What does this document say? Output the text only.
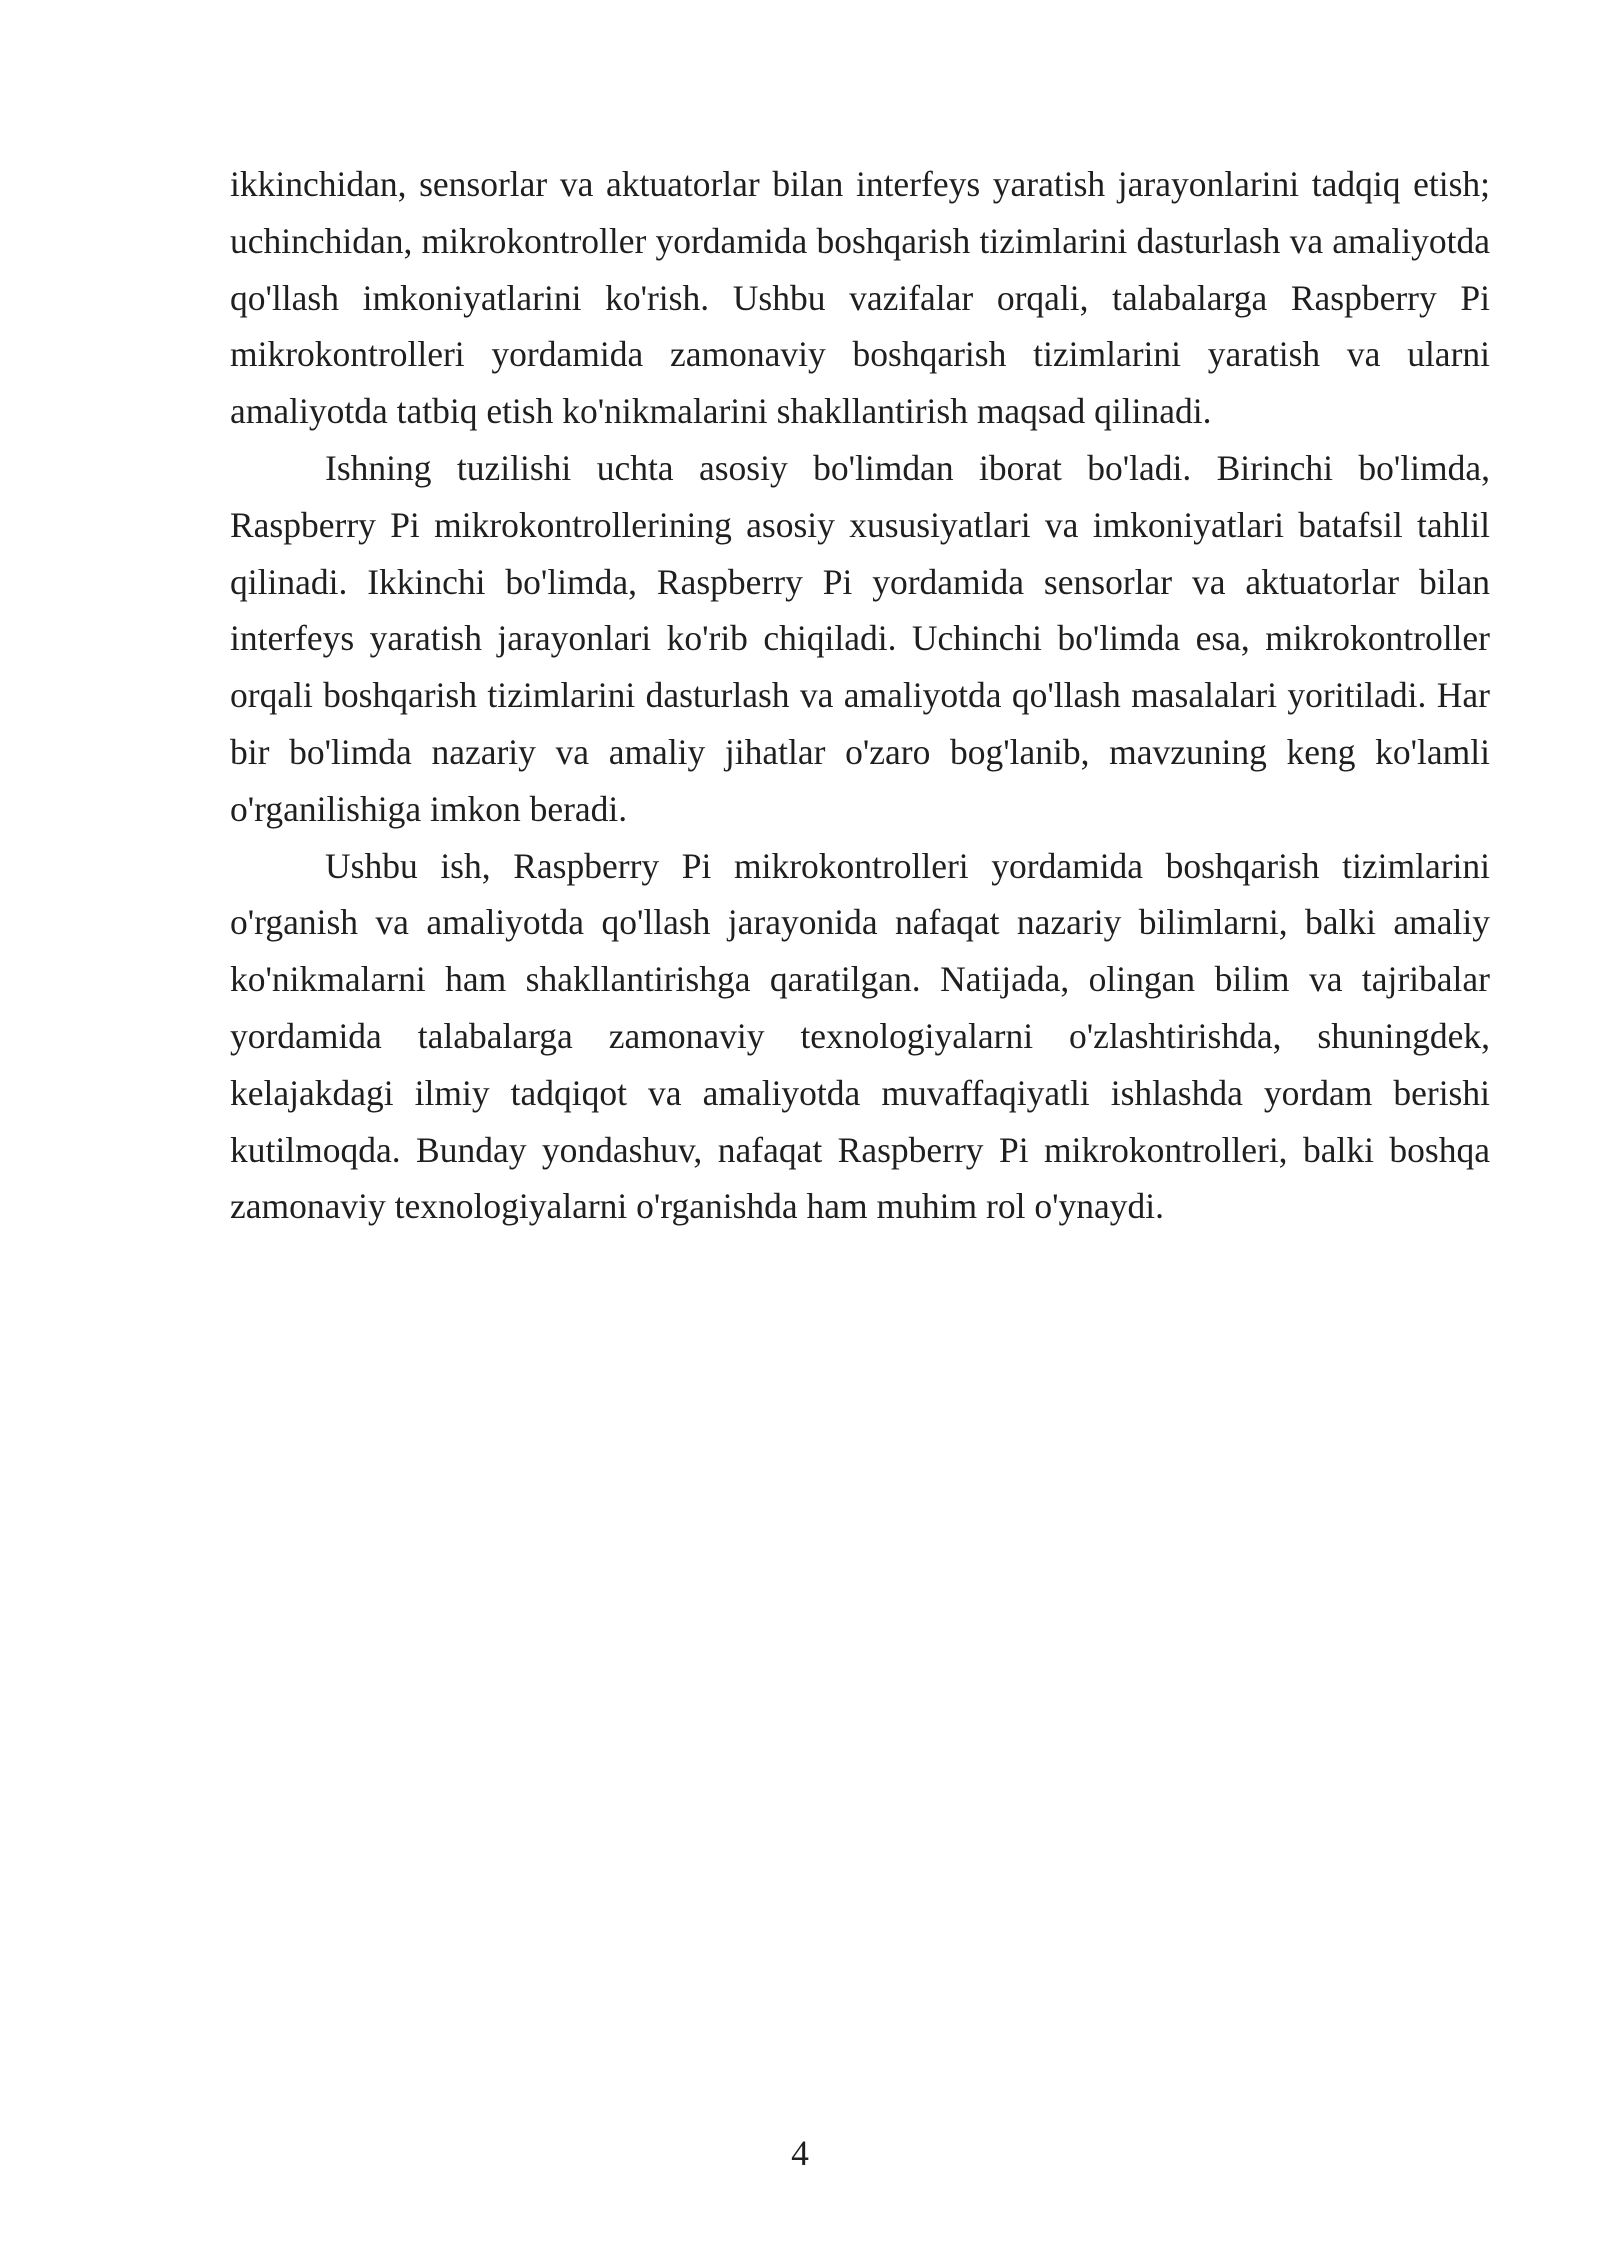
ikkinchidan, sensorlar va aktuatorlar bilan interfeys yaratish jarayonlarini tadqiq etish; uchinchidan, mikrokontroller yordamida boshqarish tizimlarini dasturlash va amaliyotda qo'llash imkoniyatlarini ko'rish. Ushbu vazifalar orqali, talabalarga Raspberry Pi mikrokontrolleri yordamida zamonaviy boshqarish tizimlarini yaratish va ularni amaliyotda tatbiq etish ko'nikmalarini shakllantirish maqsad qilinadi.

Ishning tuzilishi uchta asosiy bo'limdan iborat bo'ladi. Birinchi bo'limda, Raspberry Pi mikrokontrollerining asosiy xususiyatlari va imkoniyatlari batafsil tahlil qilinadi. Ikkinchi bo'limda, Raspberry Pi yordamida sensorlar va aktuatorlar bilan interfeys yaratish jarayonlari ko'rib chiqiladi. Uchinchi bo'limda esa, mikrokontroller orqali boshqarish tizimlarini dasturlash va amaliyotda qo'llash masalalari yoritiladi. Har bir bo'limda nazariy va amaliy jihatlar o'zaro bog'lanib, mavzuning keng ko'lamli o'rganilishiga imkon beradi.

Ushbu ish, Raspberry Pi mikrokontrolleri yordamida boshqarish tizimlarini o'rganish va amaliyotda qo'llash jarayonida nafaqat nazariy bilimlarni, balki amaliy ko'nikmalarni ham shakllantirishga qaratilgan. Natijada, olingan bilim va tajribalar yordamida talabalarga zamonaviy texnologiyalarni o'zlashtirishda, shuningdek, kelajakdagi ilmiy tadqiqot va amaliyotda muvaffaqiyatli ishlashda yordam berishi kutilmoqda. Bunday yondashuv, nafaqat Raspberry Pi mikrokontrolleri, balki boshqa zamonaviy texnologiyalarni o'rganishda ham muhim rol o'ynaydi.

4
